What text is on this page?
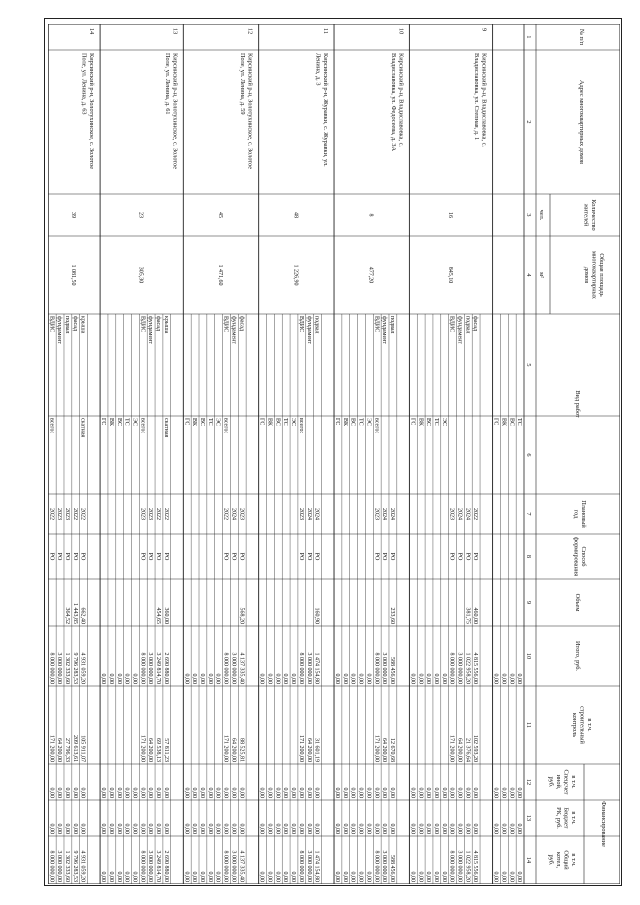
№ п/п
Адрес многоквартирных домов
Количество
жителей
чел.
Общая площадь
многоквартирных
домов
м²
Вид работ
Плановый
год
Способ
формирования
Объем
Итого, руб.
в т.ч.
строительный
контроль
Финансирование
в т.ч.
Спецсчет
иной,
руб.
в т.ч.
Бюджет
РК, руб.
в т.ч.
Общий
котел,
руб.
1
2
3
4
5
6
7
8
9
10
11
12
13
14
ТС
0,00
0,00
0,00
0,00
ВС
0,00
0,00
0,00
0,00
ВК
0,00
0,00
0,00
0,00
ГС
0,00
0,00
0,00
0,00
9
Кирсинский р-н, Владиславовка, с.
Владиславовка, ул. Степная, д. 1
16
845,10
фасад
2022
РО
460,00
4 815 556,00
102 593,20
0,00
0,00
4 815 556,00
подвал
2024
РО
381,75
1 022 958,20
21 376,64
0,00
0,00
1 022 958,20
фундамент
2024
РО
3 000 000,00
64 200,00
0,00
0,00
3 000 000,00
ВДИС
2023
РО
8 000 000,00
171 200,00
0,00
0,00
8 000 000,00
ЭС
0,00
0,00
0,00
0,00
ТС
0,00
0,00
0,00
0,00
ВС
0,00
0,00
0,00
0,00
ВК
0,00
0,00
0,00
0,00
ГС
0,00
0,00
0,00
0,00
10
Кирсинский р-н, Владиславовка, с.
Владиславовка, ул. Федосеева, д. 3А
8
477,20
подвал
2024
РО
233,60
588 456,00
12 670,68
0,00
0,00
588 456,00
фундамент
2024
РО
3 000 000,00
64 200,00
0,00
0,00
3 000 000,00
ВДИС
всего:
2023
РО
8 000 000,00
171 200,00
0,00
0,00
8 000 000,00
ЭС
0,00
0,00
0,00
0,00
ТС
0,00
0,00
0,00
0,00
ВС
0,00
0,00
0,00
0,00
ВК
0,00
0,00
0,00
0,00
ГС
0,00
0,00
0,00
0,00
11
Кирсинский р-н, Журавки, с. Журавки, ул.
Ленина, д. 3
48
1 226,90
подвал
2024
РО
160,90
1 474 154,80
31 601,19
0,00
0,00
1 474 154,80
фундамент
2024
РО
3 000 000,00
64 200,00
0,00
0,00
3 000 000,00
ВДИС
всего:
2023
РО
8 000 000,00
171 200,00
0,00
0,00
8 000 000,00
ЭС
0,00
0,00
0,00
0,00
ТС
0,00
0,00
0,00
0,00
ВС
0,00
0,00
0,00
0,00
ВК
0,00
0,00
0,00
0,00
ГС
0,00
0,00
0,00
0,00
12
Кирсинский р-н, Золотухинское, с. Золотое
Поле, ул. Ленина, д. 59
45
1 471,60
фасад
2023
РО
568,20
4 137 335,40
88 525,81
0,00
0,00
4 137 335,40
фундамент
2024
РО
3 000 000,00
64 200,00
0,00
0,00
3 000 000,00
ВДИС
всего:
2022
РО
8 000 000,00
171 200,00
0,00
0,00
8 000 000,00
ЭС
0,00
0,00
0,00
0,00
ТС
0,00
0,00
0,00
0,00
ВС
0,00
0,00
0,00
0,00
ВК
0,00
0,00
0,00
0,00
ГС
0,00
0,00
0,00
0,00
13
Кирсинский р-н, Золотухинское, с. Золотое
Поле, ул. Ленина, д. 61
23
305,30
крыша
скатная
2022
РО
360,00
2 690 880,00
57 811,23
0,00
0,00
2 690 880,00
фасад
2022
РО
454,65
3 249 814,70
69 538,13
0,00
0,00
3 249 814,70
фундамент
2023
РО
3 000 000,00
64 200,00
0,00
0,00
3 000 000,00
ВДИС
всего:
2023
РО
8 000 000,00
171 200,00
0,00
0,00
8 000 000,00
ЭС
0,00
0,00
0,00
0,00
ТС
0,00
0,00
0,00
0,00
ВС
0,00
0,00
0,00
0,00
ВК
0,00
0,00
0,00
0,00
ГС
0,00
0,00
0,00
0,00
14
Кирсинский р-н, Золотухинское, с. Золотое
Поле, ул. Ленина, д. 63
39
1 081,50
крыша
скатная
2022
РО
662,40
4 931 059,20
105 911,07
0,00
0,00
4 931 059,20
фасад
2022
РО
1 443,85
9 796 283,53
209 613,61
0,00
0,00
9 796 283,53
подвал
2023
РО
364,52
1 302 333,60
27 796,33
0,00
0,00
1 302 333,60
фундамент
2023
РО
3 000 000,00
64 200,00
0,00
0,00
3 000 000,00
ВДИС
всего:
2022
РО
8 000 000,00
171 200,00
0,00
0,00
8 000 000,00
